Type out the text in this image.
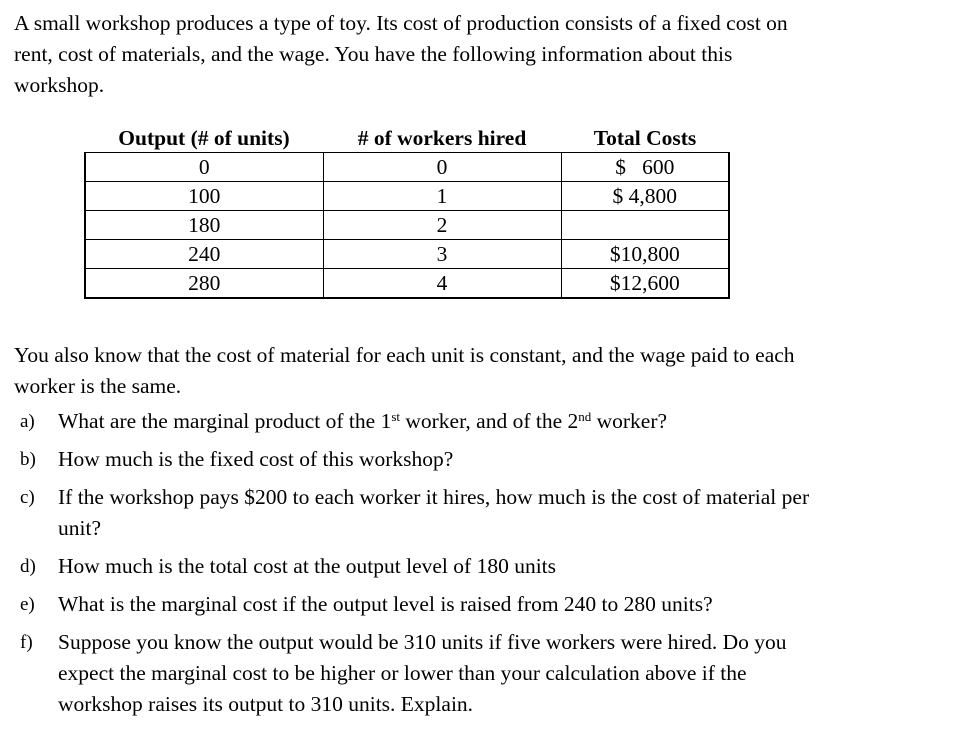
A small workshop produces a type of toy. Its cost of production consists of a fixed cost on

rent, cost of materials, and the wage. You have the following information about this

workshop.

Output (# of units)	# of workers hired	Total Costs
0	0	$   600
100	1	$ 4,800
180	2	
240	3	$10,800
280	4	$12,600

You also know that the cost of material for each unit is constant, and the wage paid to each

worker is the same.

a) What are the marginal product of the 1st worker, and of the 2nd worker?
b) How much is the fixed cost of this workshop?
c) If the workshop pays $200 to each worker it hires, how much is the cost of material per
unit?
d) How much is the total cost at the output level of 180 units
e) What is the marginal cost if the output level is raised from 240 to 280 units?
f) Suppose you know the output would be 310 units if five workers were hired. Do you
expect the marginal cost to be higher or lower than your calculation above if the
workshop raises its output to 310 units. Explain.
